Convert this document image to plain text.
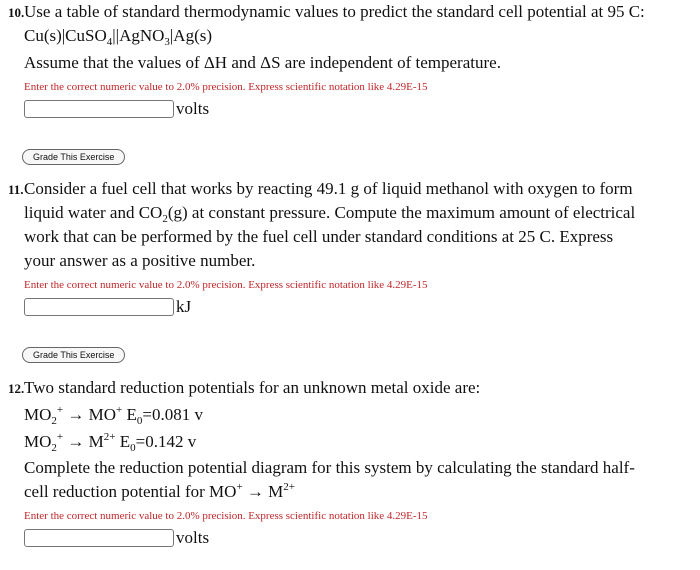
10. Use a table of standard thermodynamic values to predict the standard cell potential at 95 C:
Cu(s)|CuSO$_4$||AgNO$_3$|Ag(s)
Assume that the values of ΔH and ΔS are independent of temperature.
Enter the correct numeric value to 2.0% precision. Express scientific notation like 4.29E-15
volts
Grade This Exercise
11. Consider a fuel cell that works by reacting 49.1 g of liquid methanol with oxygen to form
liquid water and $CO_2(g)$ at constant pressure. Compute the maximum amount of electrical
work that can be performed by the fuel cell under standard conditions at 25 C. Express
your answer as a positive number.
Enter the correct numeric value to 2.0% precision. Express scientific notation like 4.29E-15
kJ
Grade This Exercise
12. Two standard reduction potentials for an unknown metal oxide are:
$MO_2^+ \to MO^+$ $E_0=0.081$ v
$MO_2^+ \to M^{2+}$ $E_0=0.142$ v
Complete the reduction potential diagram for this system by calculating the standard half-
cell reduction potential for $MO^+ \to M^{2+}$
Enter the correct numeric value to 2.0% precision. Express scientific notation like 4.29E-15
volts
